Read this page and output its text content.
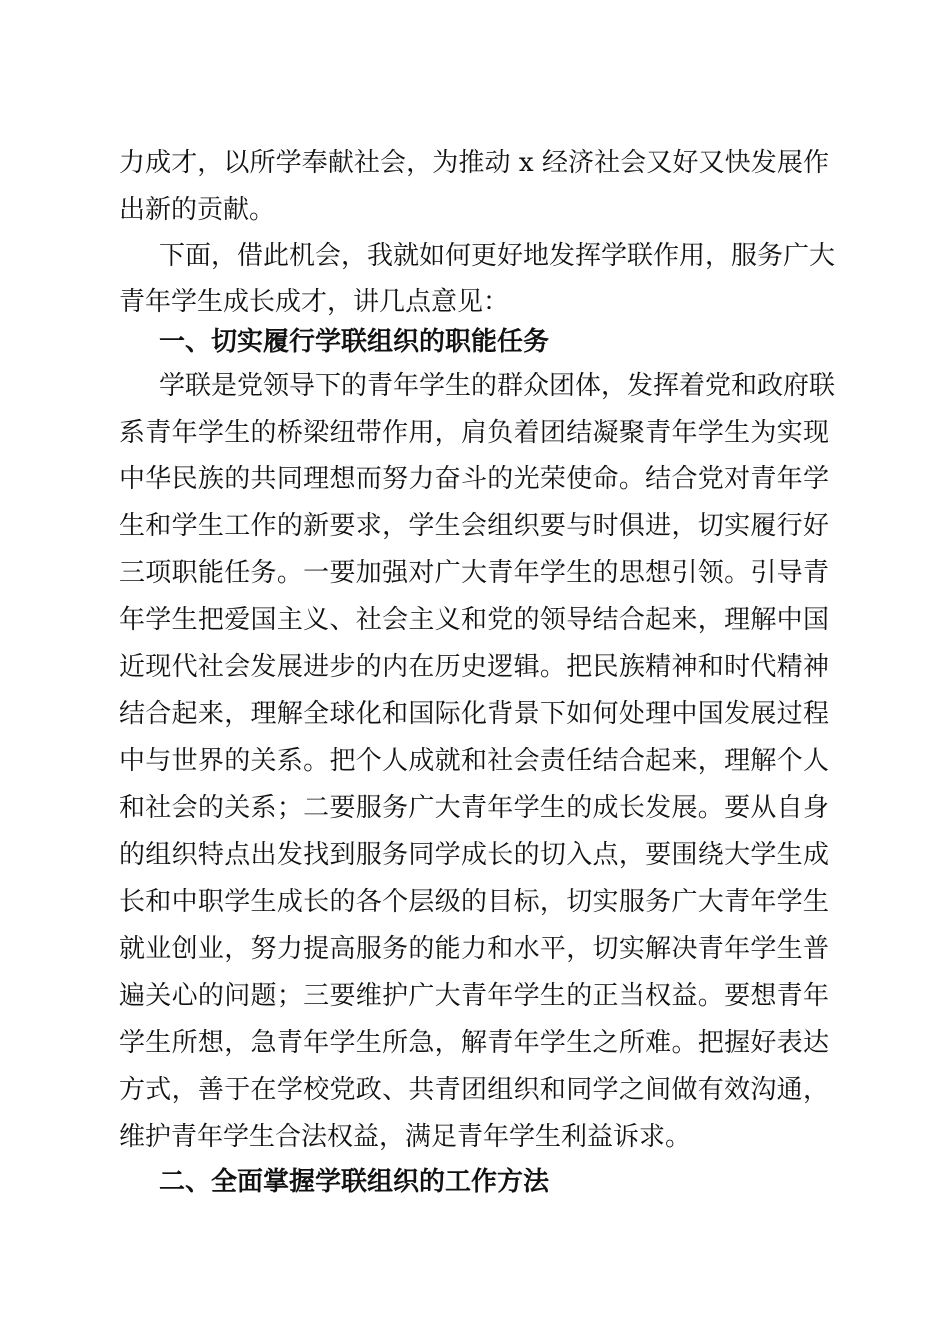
力成才，以所学奉献社会，为推动 x 经济社会又好又快发展作
出新的贡献。
下面，借此机会，我就如何更好地发挥学联作用，服务广大
青年学生成长成才，讲几点意见：
一、切实履行学联组织的职能任务
学联是党领导下的青年学生的群众团体，发挥着党和政府联
系青年学生的桥梁纽带作用，肩负着团结凝聚青年学生为实现
中华民族的共同理想而努力奋斗的光荣使命。结合党对青年学
生和学生工作的新要求，学生会组织要与时俱进，切实履行好
三项职能任务。一要加强对广大青年学生的思想引领。引导青
年学生把爱国主义、社会主义和党的领导结合起来，理解中国
近现代社会发展进步的内在历史逻辑。把民族精神和时代精神
结合起来，理解全球化和国际化背景下如何处理中国发展过程
中与世界的关系。把个人成就和社会责任结合起来，理解个人
和社会的关系；二要服务广大青年学生的成长发展。要从自身
的组织特点出发找到服务同学成长的切入点，要围绕大学生成
长和中职学生成长的各个层级的目标，切实服务广大青年学生
就业创业，努力提高服务的能力和水平，切实解决青年学生普
遍关心的问题；三要维护广大青年学生的正当权益。要想青年
学生所想，急青年学生所急，解青年学生之所难。把握好表达
方式，善于在学校党政、共青团组织和同学之间做有效沟通，
维护青年学生合法权益，满足青年学生利益诉求。
二、全面掌握学联组织的工作方法
